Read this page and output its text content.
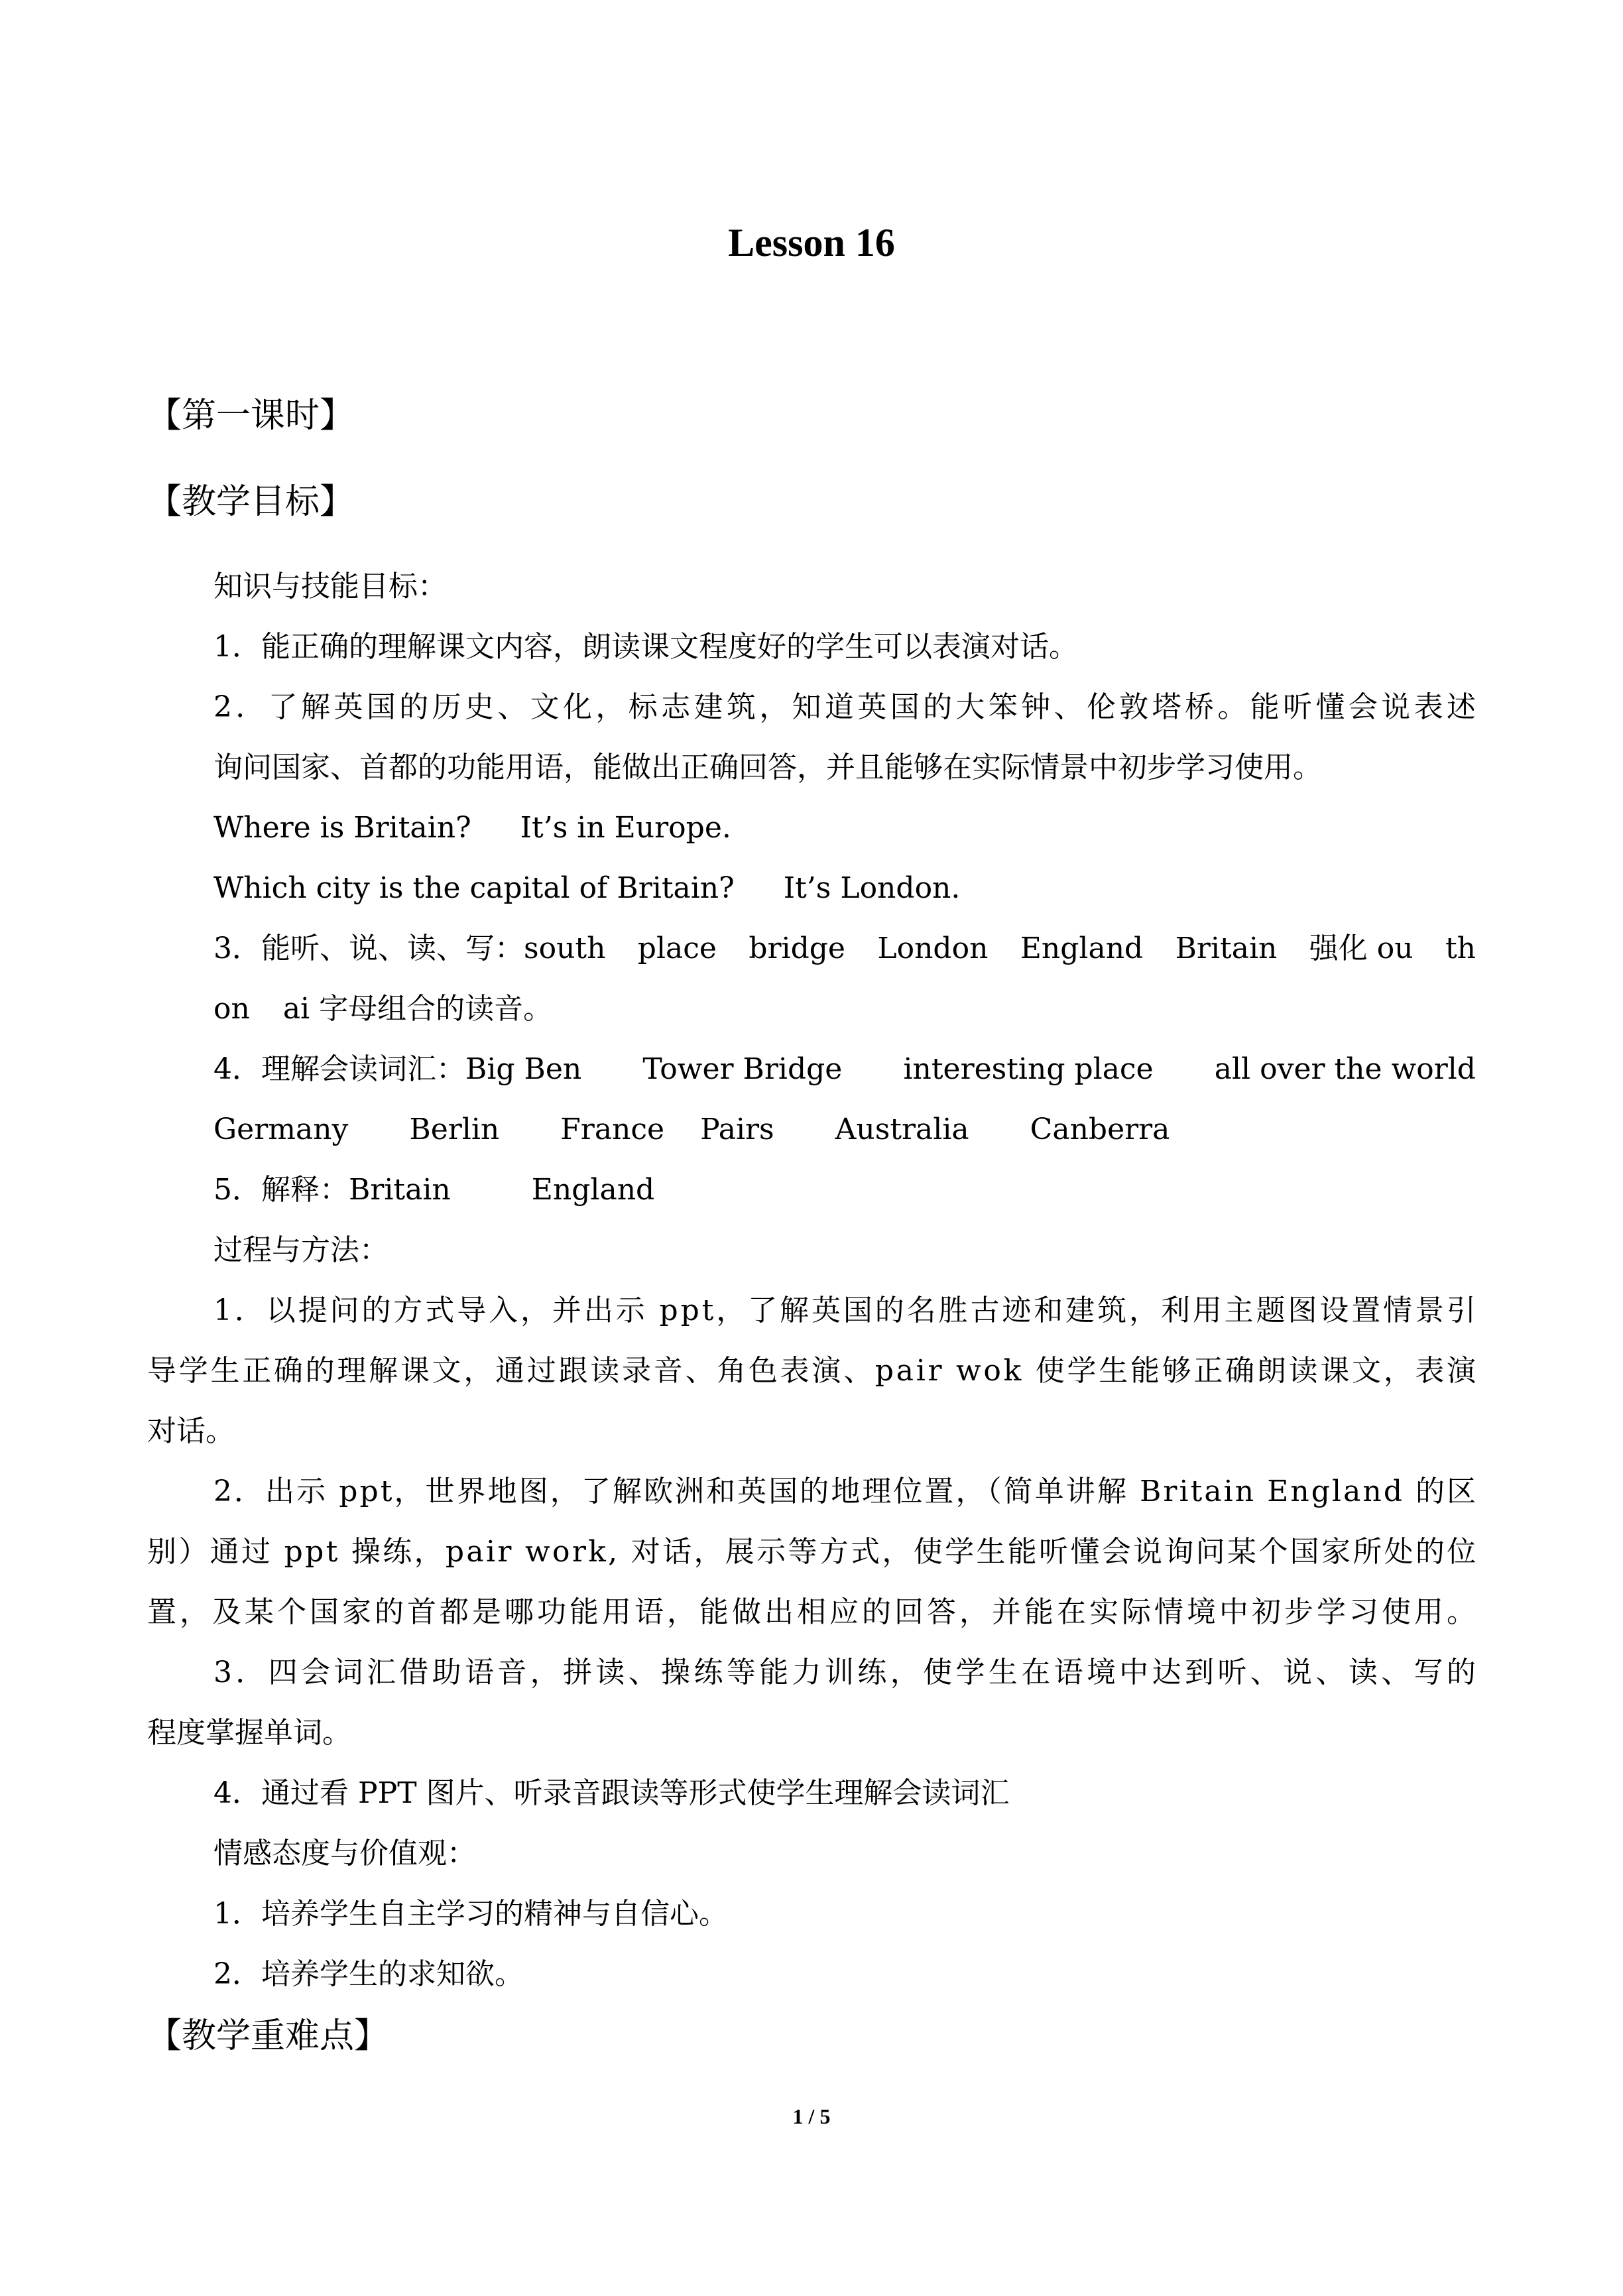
Lesson 16
【第一课时】
【教学目标】
知识与技能目标：
1．能正确的理解课文内容，朗读课文程度好的学生可以表演对话。
2．了解英国的历史、文化，标志建筑，知道英国的大笨钟、伦敦塔桥。能听懂会说表述
询问国家、首都的功能用语，能做出正确回答，并且能够在实际情景中初步学习使用。
Where is Britain? It’s in Europe.
Which city is the capital of Britain? It’s London.
3．能听、说、读、写：south place bridge London England Britain 强化 ou th
on ai 字母组合的读音。
4．理解会读词汇：Big Ben Tower Bridge interesting place all over the world
Germany Berlin France Pairs Australia Canberra
5．解释：Britain	England
过程与方法：
1．以提问的方式导入，并出示 ppt，了解英国的名胜古迹和建筑，利用主题图设置情景引
导学生正确的理解课文，通过跟读录音、角色表演、pair wok 使学生能够正确朗读课文，表演
对话。
2．出示 ppt，世界地图，了解欧洲和英国的地理位置，（简单讲解 Britain England 的区
别）通过 ppt 操练，pair work, 对话，展示等方式，使学生能听懂会说询问某个国家所处的位
置，及某个国家的首都是哪功能用语，能做出相应的回答，并能在实际情境中初步学习使用。
3．四会词汇借助语音，拼读、操练等能力训练，使学生在语境中达到听、说、读、写的
程度掌握单词。
4．通过看 PPT 图片、听录音跟读等形式使学生理解会读词汇
情感态度与价值观：
1．培养学生自主学习的精神与自信心。
2．培养学生的求知欲。
【教学重难点】
1 / 5
